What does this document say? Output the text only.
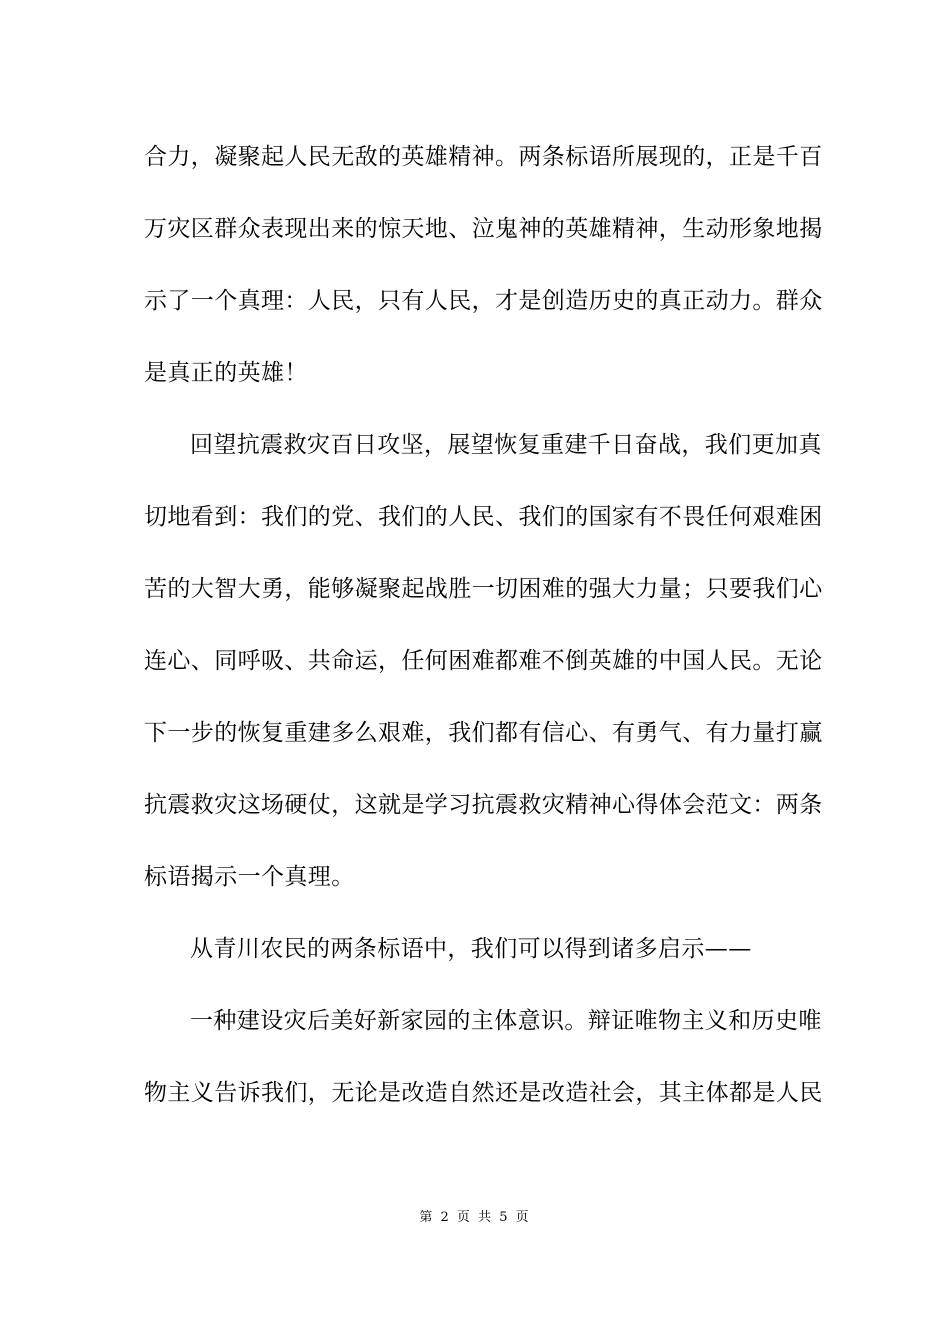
合力，凝聚起人民无敌的英雄精神。两条标语所展现的，正是千百
万灾区群众表现出来的惊天地、泣鬼神的英雄精神，生动形象地揭
示了一个真理：人民，只有人民，才是创造历史的真正动力。群众
是真正的英雄！
回望抗震救灾百日攻坚，展望恢复重建千日奋战，我们更加真
切地看到：我们的党、我们的人民、我们的国家有不畏任何艰难困
苦的大智大勇，能够凝聚起战胜一切困难的强大力量；只要我们心
连心、同呼吸、共命运，任何困难都难不倒英雄的中国人民。无论
下一步的恢复重建多么艰难，我们都有信心、有勇气、有力量打赢
抗震救灾这场硬仗，这就是学习抗震救灾精神心得体会范文：两条
标语揭示一个真理。
从青川农民的两条标语中，我们可以得到诸多启示——
一种建设灾后美好新家园的主体意识。辩证唯物主义和历史唯
物主义告诉我们，无论是改造自然还是改造社会，其主体都是人民
第 2 页 共 5 页
